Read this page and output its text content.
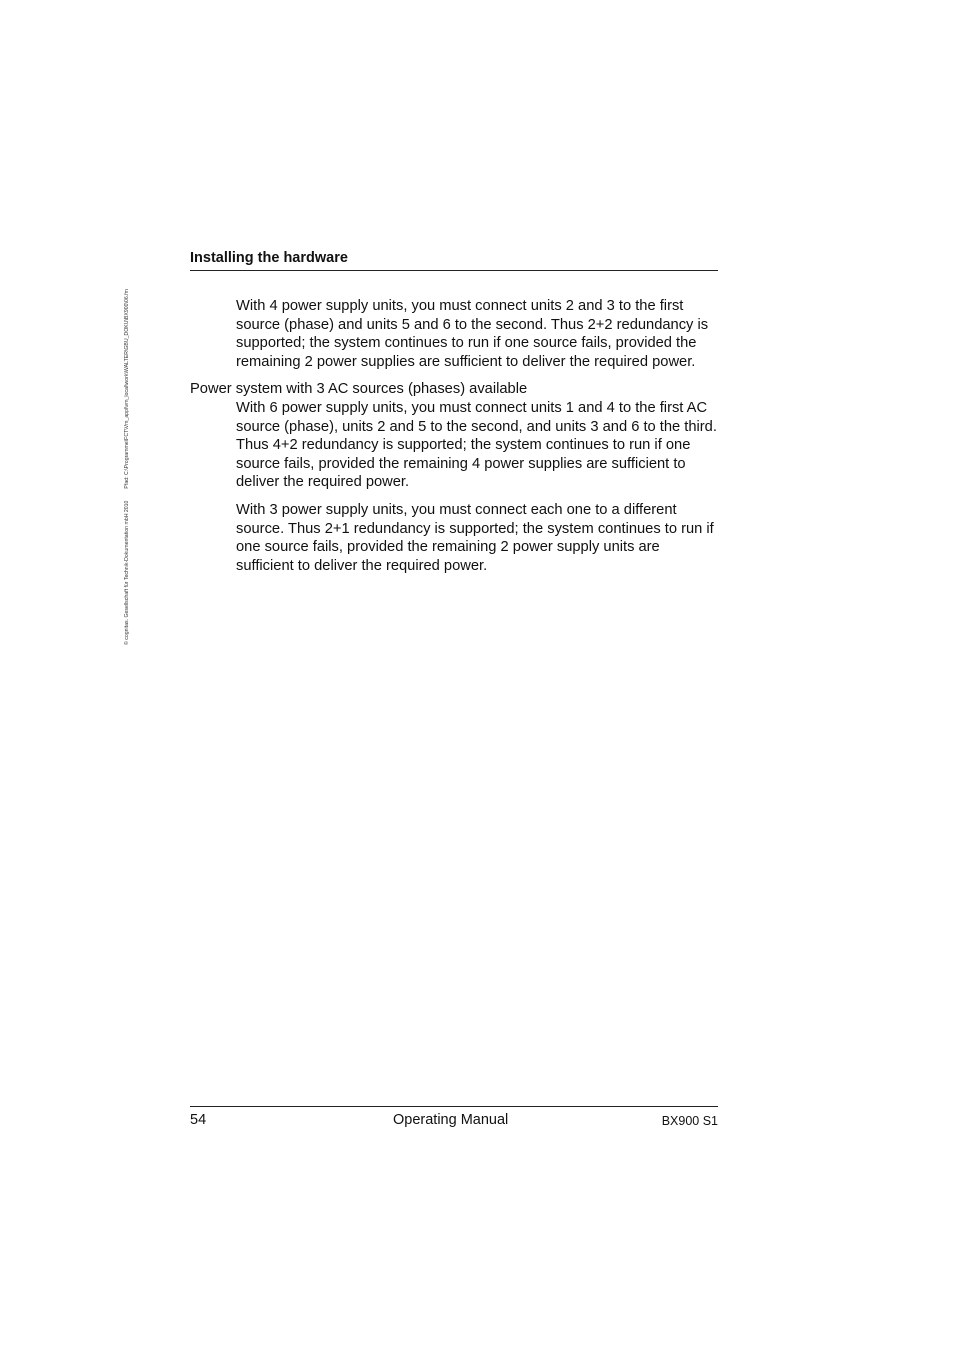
© cognitas. Gesellschaft für Technik-Dokumentation mbH 2010
Pfad: C:\Programme\FCT\Vm_appl\vm_local\work\WALTER\GBU_DOKU\BX900\06.fm
Installing the hardware

With 4 power supply units, you must connect units 2 and 3 to the first source (phase) and units 5 and 6 to the second. Thus 2+2 redundancy is supported; the system continues to run if one source fails, provided the remaining 2 power supplies are sufficient to deliver the required power.

Power system with 3 AC sources (phases) available

With 6 power supply units, you must connect units 1 and 4 to the first AC source (phase), units 2 and 5 to the second, and units 3 and 6 to the third. Thus 4+2 redundancy is supported; the system continues to run if one source fails, provided the remaining 4 power supplies are sufficient to deliver the required power.

With 3 power supply units, you must connect each one to a different source. Thus 2+1 redundancy is supported; the system continues to run if one source fails, provided the remaining 2 power supply units are sufficient to deliver the required power.

54	Operating Manual	BX900 S1
